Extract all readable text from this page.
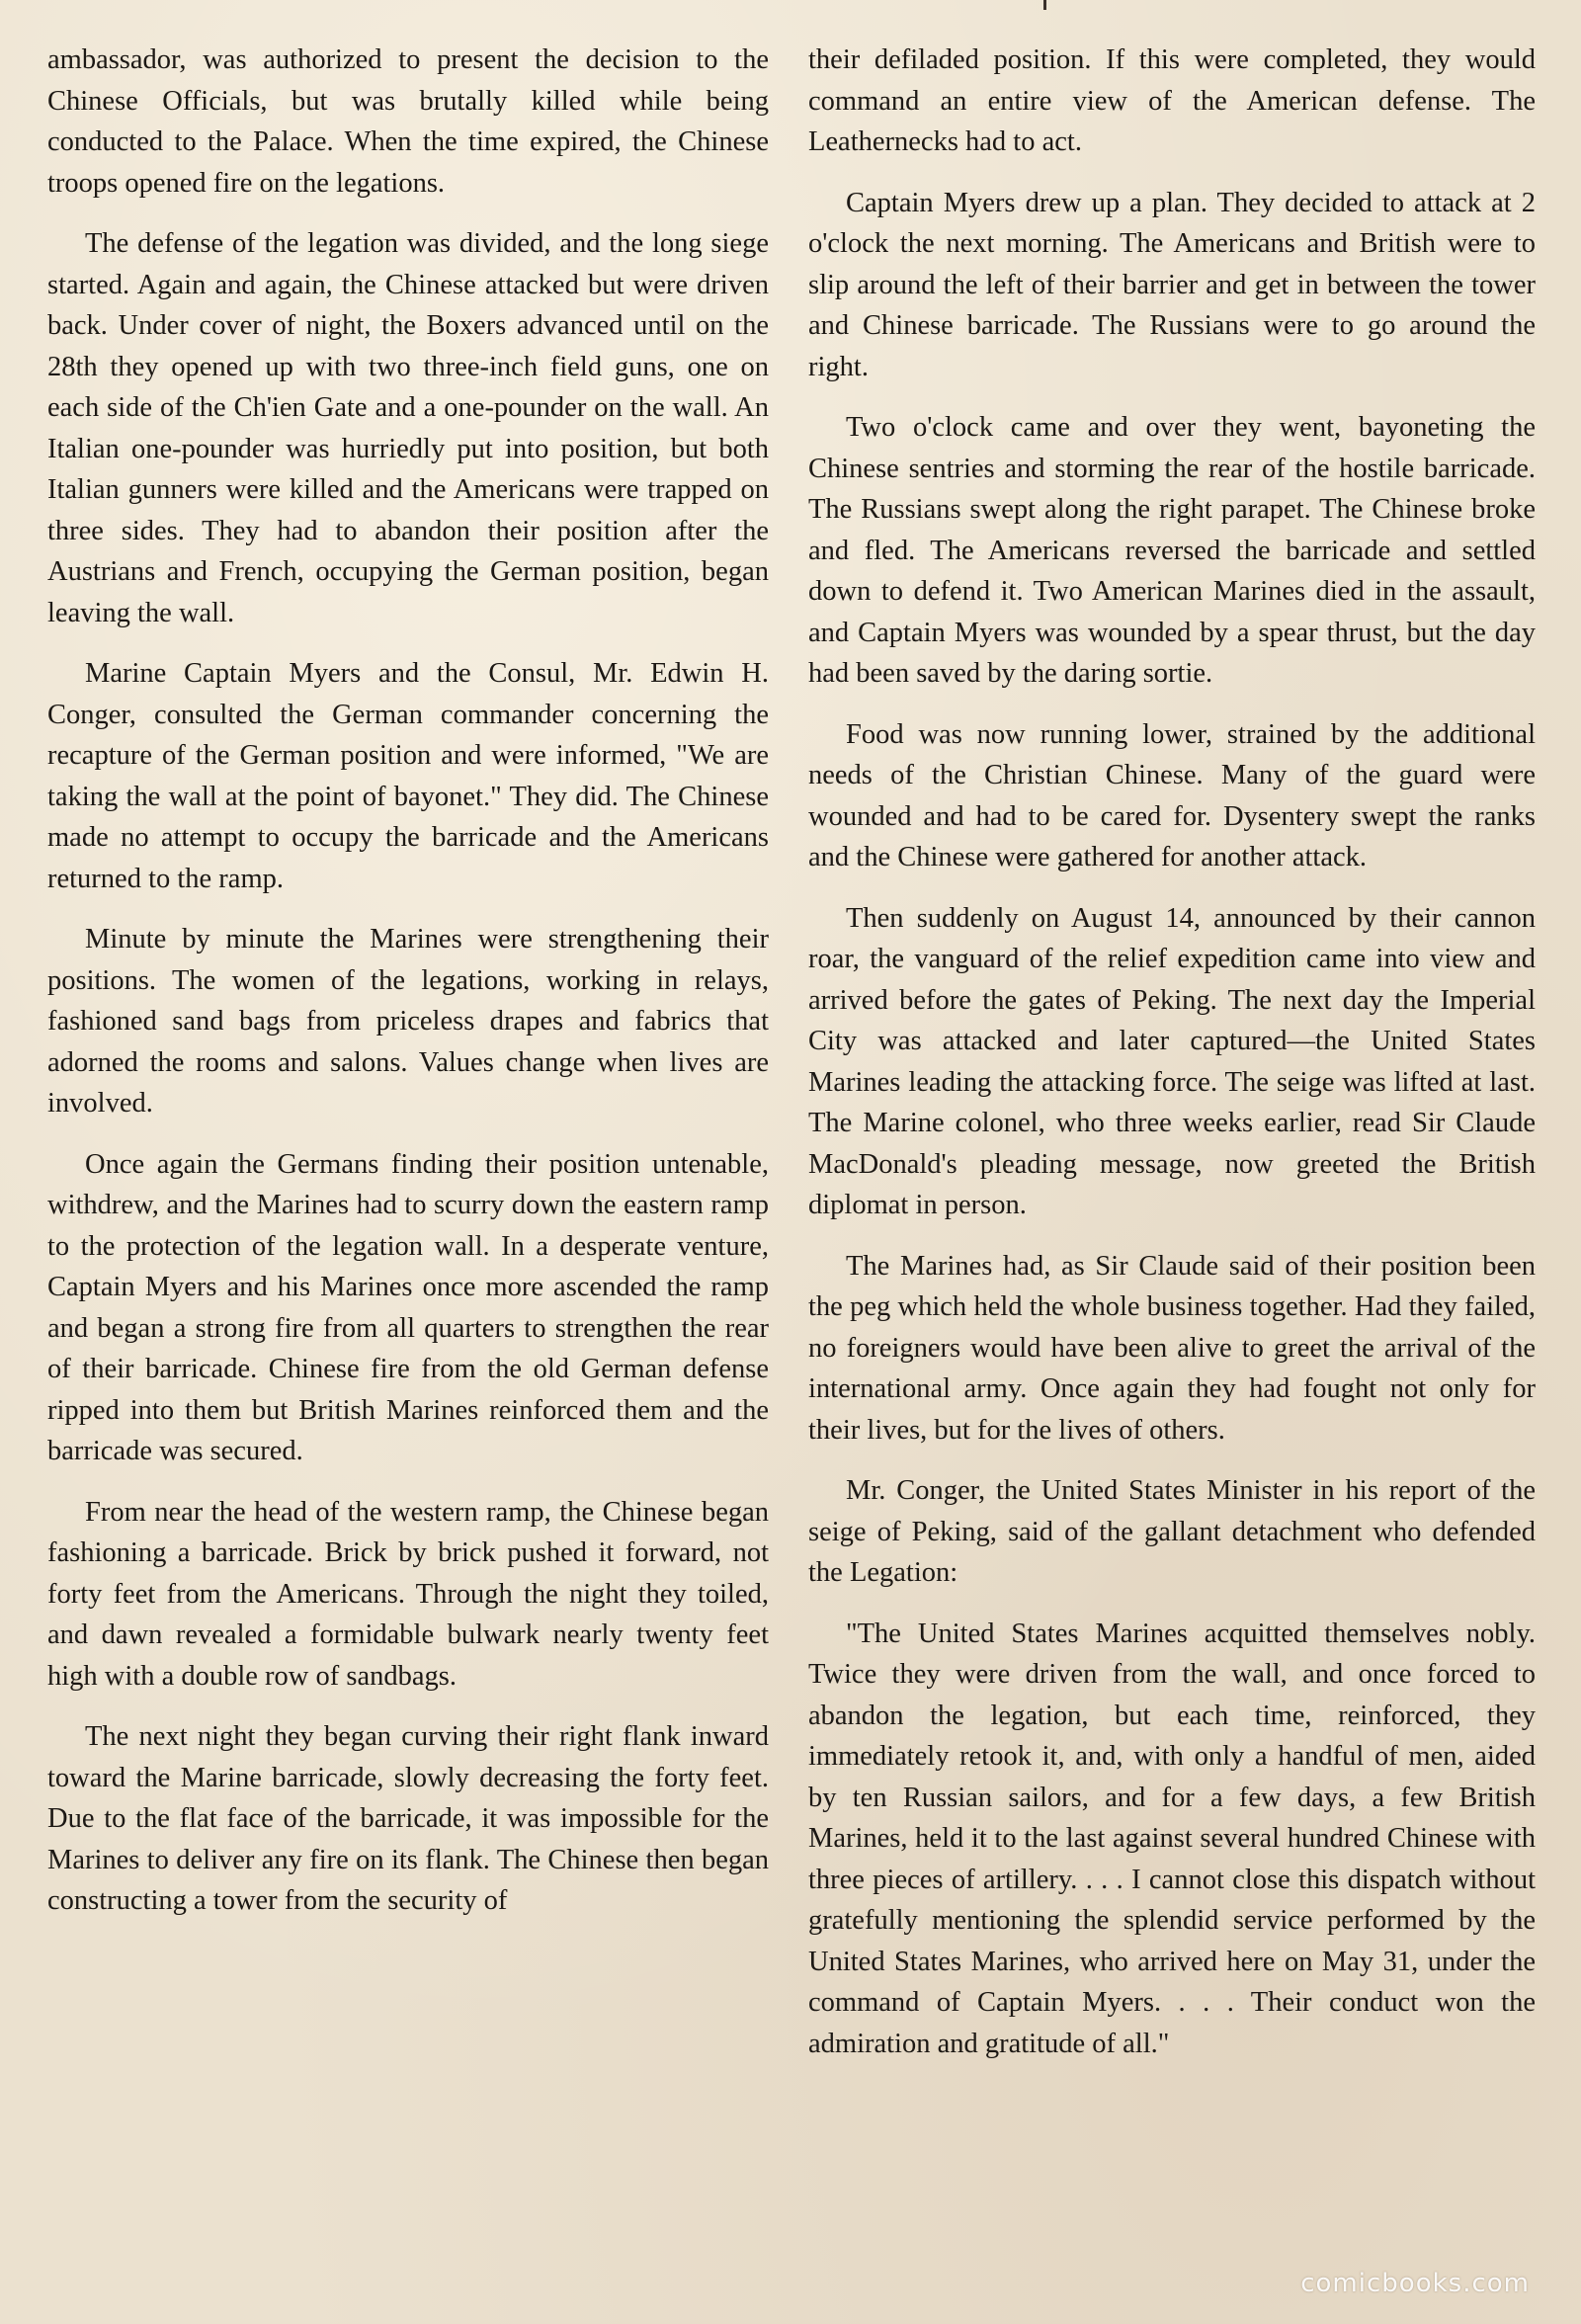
ambassador, was authorized to present the decision to the Chinese Officials, but was brutally killed while being conducted to the Palace. When the time expired, the Chinese troops opened fire on the legations.

The defense of the legation was divided, and the long siege started. Again and again, the Chinese attacked but were driven back. Under cover of night, the Boxers advanced until on the 28th they opened up with two three-inch field guns, one on each side of the Ch'ien Gate and a one-pounder on the wall. An Italian one-pounder was hurriedly put into position, but both Italian gunners were killed and the Americans were trapped on three sides. They had to abandon their position after the Austrians and French, occupying the German position, began leaving the wall.

Marine Captain Myers and the Consul, Mr. Edwin H. Conger, consulted the German commander concerning the recapture of the German position and were informed, "We are taking the wall at the point of bayonet." They did. The Chinese made no attempt to occupy the barricade and the Americans returned to the ramp.

Minute by minute the Marines were strengthening their positions. The women of the legations, working in relays, fashioned sand bags from priceless drapes and fabrics that adorned the rooms and salons. Values change when lives are involved.

Once again the Germans finding their position untenable, withdrew, and the Marines had to scurry down the eastern ramp to the protection of the legation wall. In a desperate venture, Captain Myers and his Marines once more ascended the ramp and began a strong fire from all quarters to strengthen the rear of their barricade. Chinese fire from the old German defense ripped into them but British Marines reinforced them and the barricade was secured.

From near the head of the western ramp, the Chinese began fashioning a barricade. Brick by brick pushed it forward, not forty feet from the Americans. Through the night they toiled, and dawn revealed a formidable bulwark nearly twenty feet high with a double row of sandbags.

The next night they began curving their right flank inward toward the Marine barricade, slowly decreasing the forty feet. Due to the flat face of the barricade, it was impossible for the Marines to deliver any fire on its flank. The Chinese then began constructing a tower from the security of

their defiladed position. If this were completed, they would command an entire view of the American defense. The Leathernecks had to act.

Captain Myers drew up a plan. They decided to attack at 2 o'clock the next morning. The Americans and British were to slip around the left of their barrier and get in between the tower and Chinese barricade. The Russians were to go around the right.

Two o'clock came and over they went, bayoneting the Chinese sentries and storming the rear of the hostile barricade. The Russians swept along the right parapet. The Chinese broke and fled. The Americans reversed the barricade and settled down to defend it. Two American Marines died in the assault, and Captain Myers was wounded by a spear thrust, but the day had been saved by the daring sortie.

Food was now running lower, strained by the additional needs of the Christian Chinese. Many of the guard were wounded and had to be cared for. Dysentery swept the ranks and the Chinese were gathered for another attack.

Then suddenly on August 14, announced by their cannon roar, the vanguard of the relief expedition came into view and arrived before the gates of Peking. The next day the Imperial City was attacked and later captured—the United States Marines leading the attacking force. The seige was lifted at last. The Marine colonel, who three weeks earlier, read Sir Claude MacDonald's pleading message, now greeted the British diplomat in person.

The Marines had, as Sir Claude said of their position been the peg which held the whole business together. Had they failed, no foreigners would have been alive to greet the arrival of the international army. Once again they had fought not only for their lives, but for the lives of others.

Mr. Conger, the United States Minister in his report of the seige of Peking, said of the gallant detachment who defended the Legation:

"The United States Marines acquitted themselves nobly. Twice they were driven from the wall, and once forced to abandon the legation, but each time, reinforced, they immediately retook it, and, with only a handful of men, aided by ten Russian sailors, and for a few days, a few British Marines, held it to the last against several hundred Chinese with three pieces of artillery. . . . I cannot close this dispatch without gratefully mentioning the splendid service performed by the United States Marines, who arrived here on May 31, under the command of Captain Myers. . . . Their conduct won the admiration and gratitude of all."

comicbooks.com
